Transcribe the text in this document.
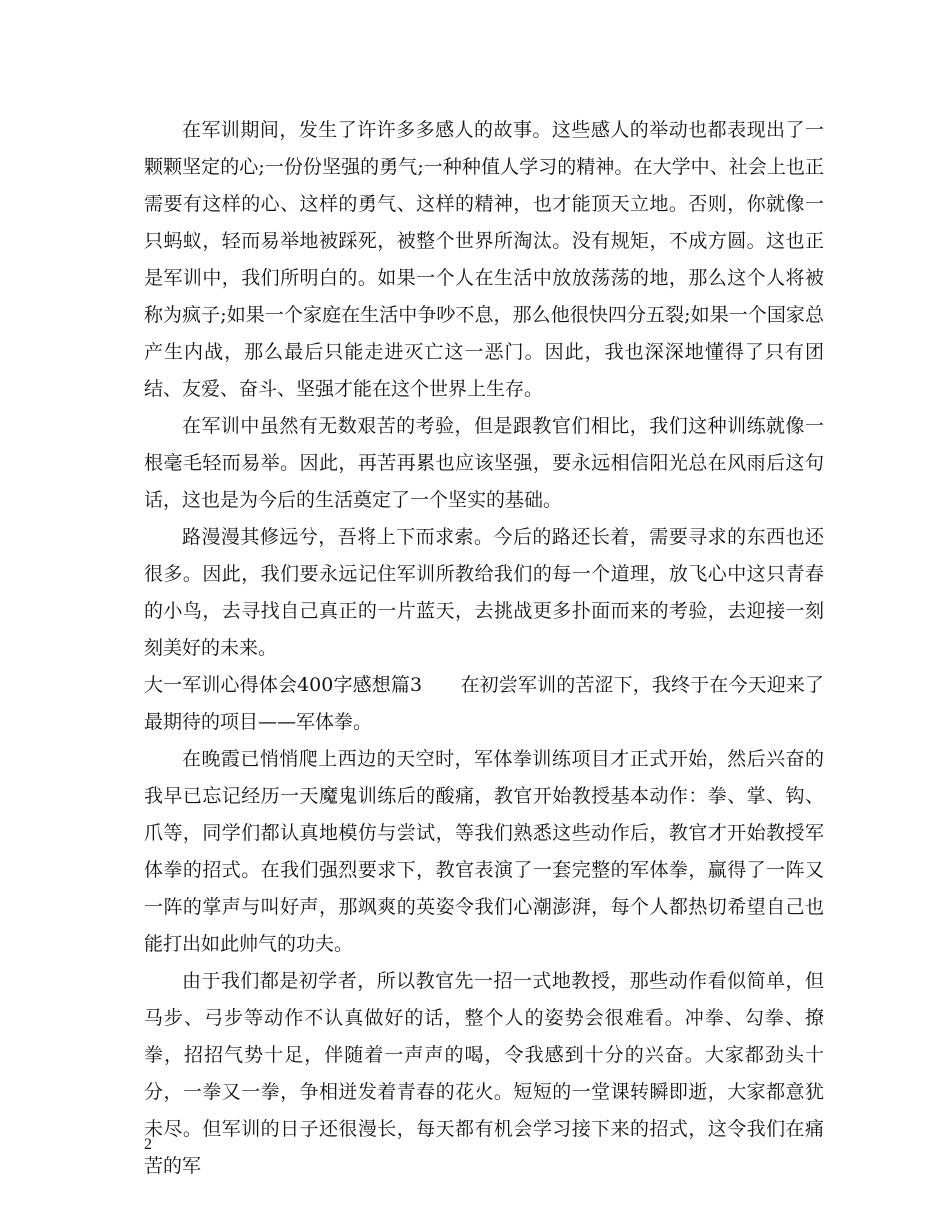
在军训期间，发生了许许多多感人的故事。这些感人的举动也都表现出了一颗颗坚定的心;一份份坚强的勇气;一种种值人学习的精神。在大学中、社会上也正需要有这样的心、这样的勇气、这样的精神，也才能顶天立地。否则，你就像一只蚂蚁，轻而易举地被踩死，被整个世界所淘汰。没有规矩，不成方圆。这也正是军训中，我们所明白的。如果一个人在生活中放放荡荡的地，那么这个人将被称为疯子;如果一个家庭在生活中争吵不息，那么他很快四分五裂;如果一个国家总产生内战，那么最后只能走进灭亡这一恶门。因此，我也深深地懂得了只有团结、友爱、奋斗、坚强才能在这个世界上生存。

在军训中虽然有无数艰苦的考验，但是跟教官们相比，我们这种训练就像一根毫毛轻而易举。因此，再苦再累也应该坚强，要永远相信阳光总在风雨后这句话，这也是为今后的生活奠定了一个坚实的基础。

路漫漫其修远兮，吾将上下而求索。今后的路还长着，需要寻求的东西也还很多。因此，我们要永远记住军训所教给我们的每一个道理，放飞心中这只青春的小鸟，去寻找自己真正的一片蓝天，去挑战更多扑面而来的考验，去迎接一刻刻美好的未来。

大一军训心得体会400字感想篇3　　在初尝军训的苦涩下，我终于在今天迎来了最期待的项目——军体拳。

在晚霞已悄悄爬上西边的天空时，军体拳训练项目才正式开始，然后兴奋的我早已忘记经历一天魔鬼训练后的酸痛，教官开始教授基本动作：拳、掌、钩、爪等，同学们都认真地模仿与尝试，等我们熟悉这些动作后，教官才开始教授军体拳的招式。在我们强烈要求下，教官表演了一套完整的军体拳，赢得了一阵又一阵的掌声与叫好声，那飒爽的英姿令我们心潮澎湃，每个人都热切希望自己也能打出如此帅气的功夫。

由于我们都是初学者，所以教官先一招一式地教授，那些动作看似简单，但马步、弓步等动作不认真做好的话，整个人的姿势会很难看。冲拳、勾拳、撩拳，招招气势十足，伴随着一声声的喝，令我感到十分的兴奋。大家都劲头十分，一拳又一拳，争相迸发着青春的花火。短短的一堂课转瞬即逝，大家都意犹未尽。但军训的日子还很漫长，每天都有机会学习接下来的招式，这令我们在痛苦的军

2
